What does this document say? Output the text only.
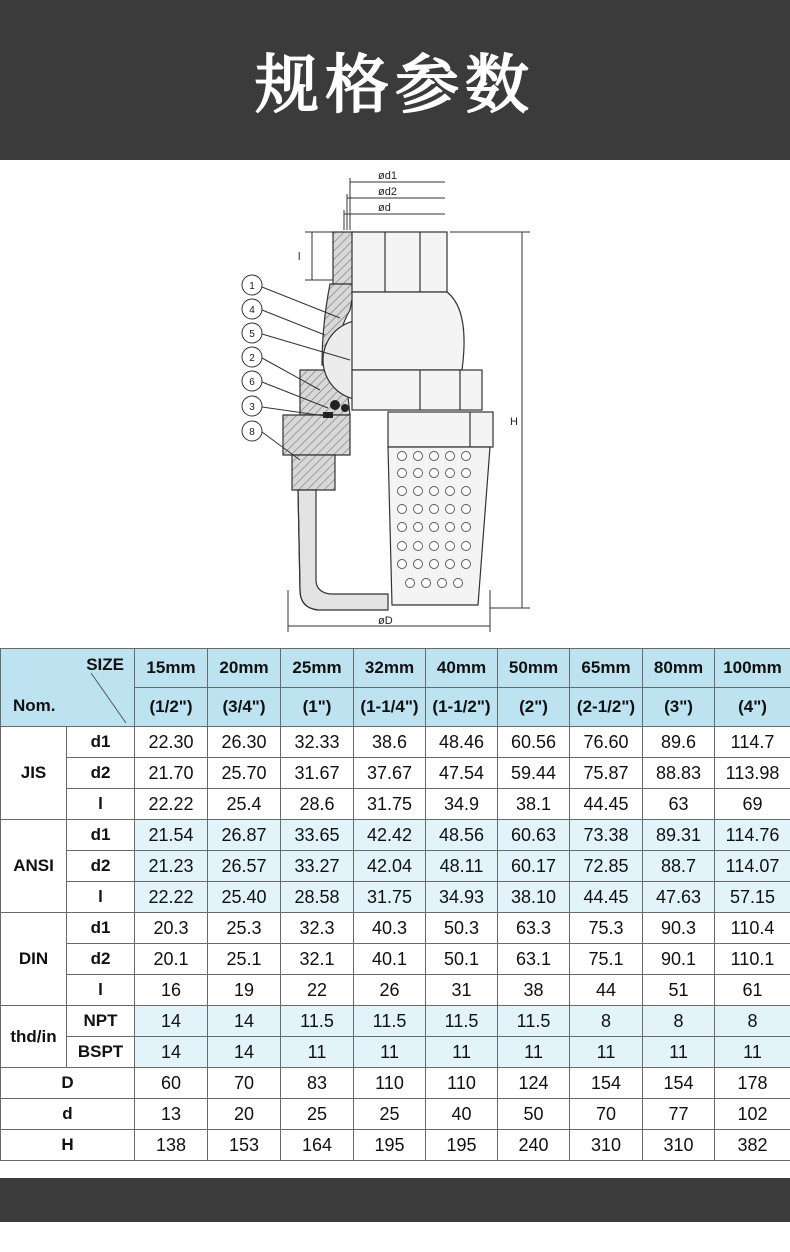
规格参数
ød1
ød2
ød
l
H
øD
1
4
5
2
6
3
8
SIZE
Nom.		15mm	20mm	25mm	32mm	40mm	50mm	65mm	80mm	100mm
		(1/2")	(3/4")	(1")	(1-1/4")	(1-1/2")	(2")	(2-1/2")	(3")	(4")
JIS	d1	22.30	26.30	32.33	38.6	48.46	60.56	76.60	89.6	114.7
	d2	21.70	25.70	31.67	37.67	47.54	59.44	75.87	88.83	113.98
	l	22.22	25.4	28.6	31.75	34.9	38.1	44.45	63	69
ANSI	d1	21.54	26.87	33.65	42.42	48.56	60.63	73.38	89.31	114.76
	d2	21.23	26.57	33.27	42.04	48.11	60.17	72.85	88.7	114.07
	l	22.22	25.40	28.58	31.75	34.93	38.10	44.45	47.63	57.15
DIN	d1	20.3	25.3	32.3	40.3	50.3	63.3	75.3	90.3	110.4
	d2	20.1	25.1	32.1	40.1	50.1	63.1	75.1	90.1	110.1
	l	16	19	22	26	31	38	44	51	61
thd/in	NPT	14	14	11.5	11.5	11.5	11.5	8	8	8
	BSPT	14	14	11	11	11	11	11	11	11
D		60	70	83	110	110	124	154	154	178
d		13	20	25	25	40	50	70	77	102
H		138	153	164	195	195	240	310	310	382
